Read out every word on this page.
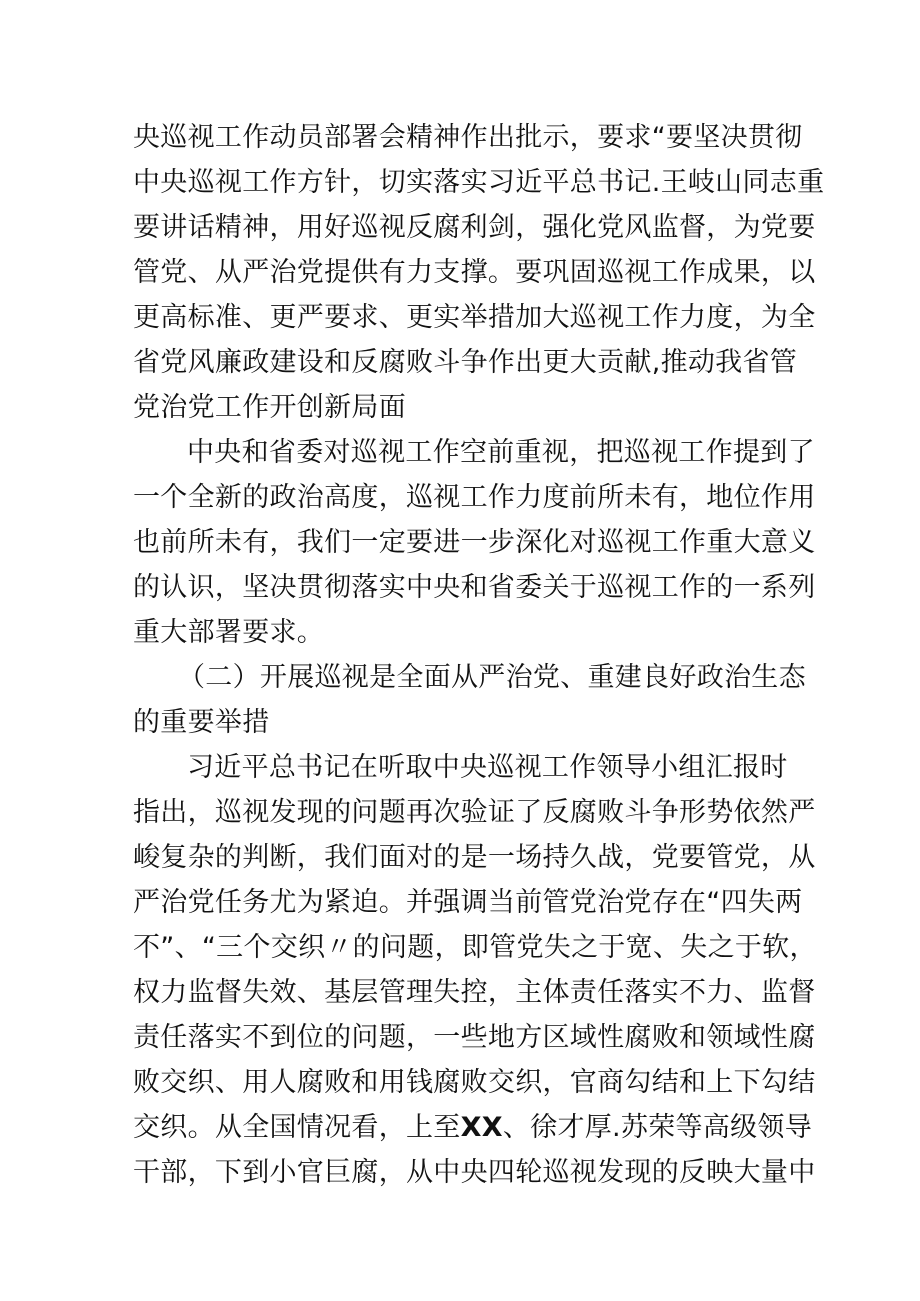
央巡视工作动员部署会精神作出批示，要求“要坚决贯彻
中央巡视工作方针，切实落实习近平总书记.王岐山同志重
要讲话精神，用好巡视反腐利剑，强化党风监督，为党要
管党、从严治党提供有力支撑。要巩固巡视工作成果，以
更高标准、更严要求、更实举措加大巡视工作力度，为全
省党风廉政建设和反腐败斗争作出更大贡献,推动我省管
党治党工作开创新局面
中央和省委对巡视工作空前重视，把巡视工作提到了
一个全新的政治高度，巡视工作力度前所未有，地位作用
也前所未有，我们一定要进一步深化对巡视工作重大意义
的认识，坚决贯彻落实中央和省委关于巡视工作的一系列
重大部署要求。
（二）开展巡视是全面从严治党、重建良好政治生态
的重要举措
习近平总书记在听取中央巡视工作领导小组汇报时
指出，巡视发现的问题再次验证了反腐败斗争形势依然严
峻复杂的判断，我们面对的是一场持久战，党要管党，从
严治党任务尤为紧迫。并强调当前管党治党存在“四失两
不”、“三个交织〃的问题，即管党失之于宽、失之于软，
权力监督失效、基层管理失控，主体责任落实不力、监督
责任落实不到位的问题，一些地方区域性腐败和领域性腐
败交织、用人腐败和用钱腐败交织，官商勾结和上下勾结
交织。从全国情况看，上至XX、徐才厚.苏荣等高级领导
干部，下到小官巨腐，从中央四轮巡视发现的反映大量中
